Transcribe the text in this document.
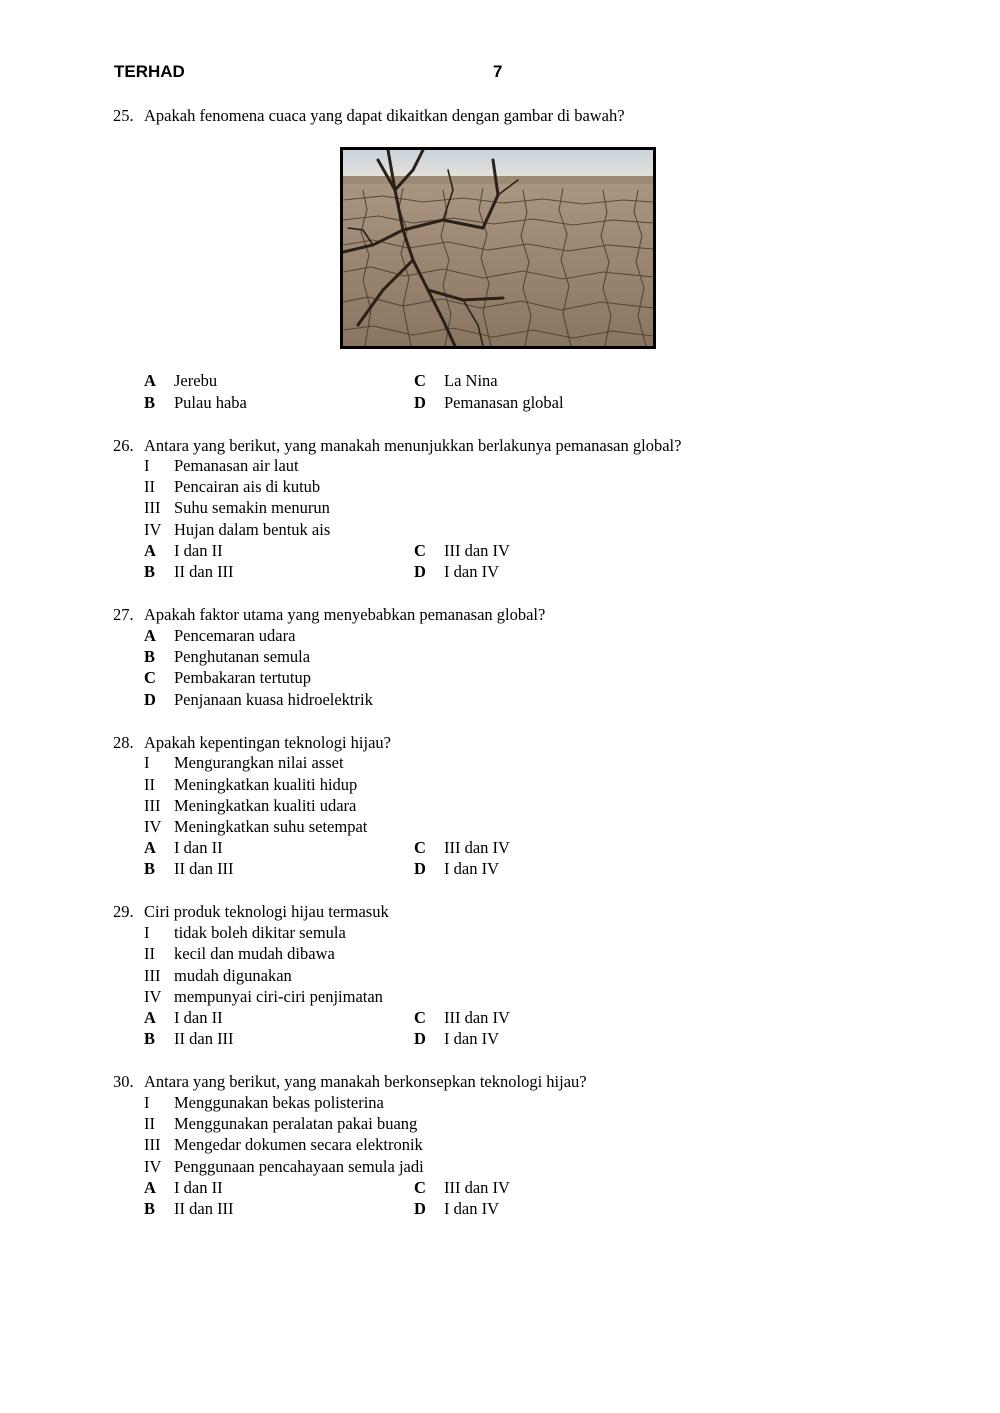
TERHAD	7
25. Apakah fenomena cuaca yang dapat dikaitkan dengan gambar di bawah?
A Jerebu	C La Nina
B Pulau haba	D Pemanasan global
26. Antara yang berikut, yang manakah menunjukkan berlakunya pemanasan global?
I Pemanasan air laut
II Pencairan ais di kutub
III Suhu semakin menurun
IV Hujan dalam bentuk ais
A I dan II	C III dan IV
B II dan III	D I dan IV
27. Apakah faktor utama yang menyebabkan pemanasan global?
A Pencemaran udara
B Penghutanan semula
C Pembakaran tertutup
D Penjanaan kuasa hidroelektrik
28. Apakah kepentingan teknologi hijau?
I Mengurangkan nilai asset
II Meningkatkan kualiti hidup
III Meningkatkan kualiti udara
IV Meningkatkan suhu setempat
A I dan II	C III dan IV
B II dan III	D I dan IV
29. Ciri produk teknologi hijau termasuk
I tidak boleh dikitar semula
II kecil dan mudah dibawa
III mudah digunakan
IV mempunyai ciri-ciri penjimatan
A I dan II	C III dan IV
B II dan III	D I dan IV
30. Antara yang berikut, yang manakah berkonsepkan teknologi hijau?
I Menggunakan bekas polisterina
II Menggunakan peralatan pakai buang
III Mengedar dokumen secara elektronik
IV Penggunaan pencahayaan semula jadi
A I dan II	C III dan IV
B II dan III	D I dan IV
